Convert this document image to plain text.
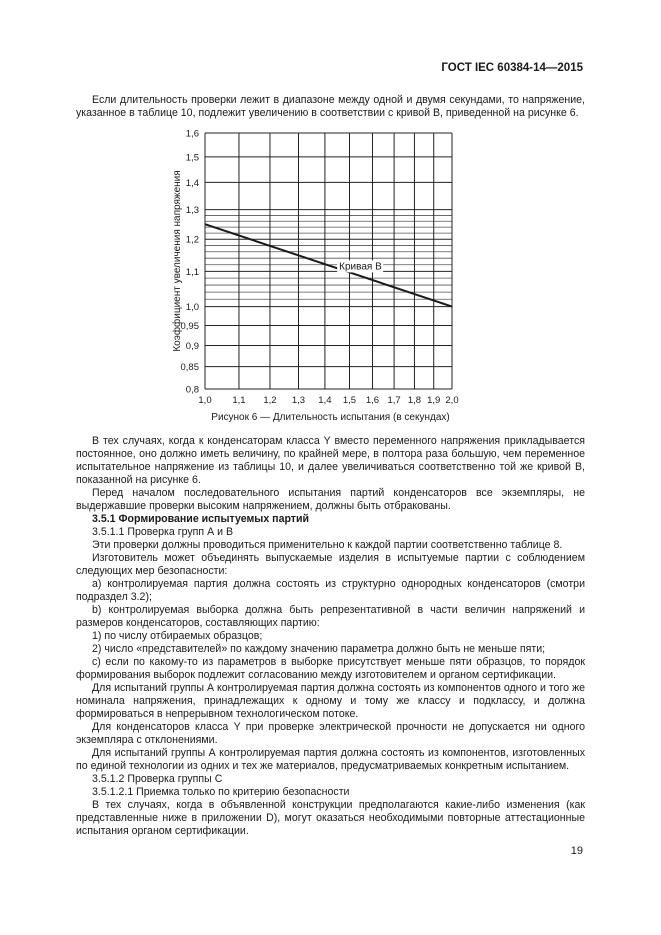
ГОСТ IEC 60384-14—2015
Если длительность проверки лежит в диапазоне между одной и двумя секундами, то напряжение, указанное в таблице 10, подлежит увеличению в соответствии с кривой В, приведенной на рисунке 6.
0,8
0,85
0,9
0,95
1,0
1,1
1,2
1,3
1,4
1,5
1,6
1,0 1,1 1,2 1,3 1,4 1,5 1,6 1,7 1,8 1,9 2,0
Кривая В
Коэффициент увеличения напряжения
Рисунок 6 — Длительность испытания (в секундах)
В тех случаях, когда к конденсаторам класса Y вместо переменного напряжения прикладывается постоянное, оно должно иметь величину, по крайней мере, в полтора раза большую, чем переменное испытательное напряжение из таблицы 10, и далее увеличиваться соответственно той же кривой В, показанной на рисунке 6.
Перед началом последовательного испытания партий конденсаторов все экземпляры, не выдержавшие проверки высоким напряжением, должны быть отбракованы.
3.5.1 Формирование испытуемых партий
3.5.1.1 Проверка групп А и В
Эти проверки должны проводиться применительно к каждой партии соответственно таблице 8.
Изготовитель может объединять выпускаемые изделия в испытуемые партии с соблюдением следующих мер безопасности:
а) контролируемая партия должна состоять из структурно однородных конденсаторов (смотри подраздел 3.2);
b) контролируемая выборка должна быть репрезентативной в части величин напряжений и размеров конденсаторов, составляющих партию:
1) по числу отбираемых образцов;
2) число «представителей» по каждому значению параметра должно быть не меньше пяти;
с) если по какому-то из параметров в выборке присутствует меньше пяти образцов, то порядок формирования выборок подлежит согласованию между изготовителем и органом сертификации.
Для испытаний группы А контролируемая партия должна состоять из компонентов одного и того же номинала напряжения, принадлежащих к одному и тому же классу и подклассу, и должна формироваться в непрерывном технологическом потоке.
Для конденсаторов класса Y при проверке электрической прочности не допускается ни одного экземпляра с отклонениями.
Для испытаний группы А контролируемая партия должна состоять из компонентов, изготовленных по единой технологии из одних и тех же материалов, предусматриваемых конкретным испытанием.
3.5.1.2 Проверка группы С
3.5.1.2.1 Приемка только по критерию безопасности
В тех случаях, когда в объявленной конструкции предполагаются какие-либо изменения (как представленные ниже в приложении D), могут оказаться необходимыми повторные аттестационные испытания органом сертификации.
19
